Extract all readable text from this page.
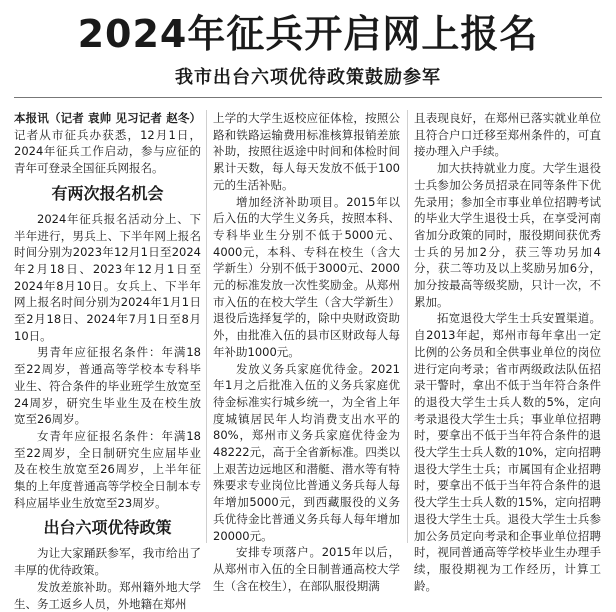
2024年征兵开启网上报名
我市出台六项优待政策鼓励参军

本报讯（记者 袁帅 见习记者 赵冬）记者从市征兵办获悉，12月1日，2024年征兵工作启动，参与应征的青年可登录全国征兵网报名。

有两次报名机会

2024年征兵报名活动分上、下半年进行，男兵上、下半年网上报名时间分别为2023年12月1日至2024年2月18日、2023年12月1日至2024年8月10日。女兵上、下半年网上报名时间分别为2024年1月1日至2月18日、2024年7月1日至8月10日。

男青年应征报名条件：年满18至22周岁，普通高等学校本专科毕业生、符合条件的毕业班学生放宽至24周岁，研究生毕业生及在校生放宽至26周岁。

女青年应征报名条件：年满18至22周岁，全日制研究生应届毕业及在校生放宽至26周岁，上半年征集的上年度普通高等学校全日制本专科应届毕业生放宽至23周岁。

出台六项优待政策

为让大家踊跃参军，我市给出了丰厚的优待政策。

发放差旅补助。郑州籍外地大学生、务工返乡人员，外地籍在郑州

上学的大学生返校应征体检，按照公路和铁路运输费用标准核算报销差旅补助，按照往返途中时间和体检时间累计天数，每人每天发放不低于100元的生活补贴。

增加经济补助项目。2015年以后入伍的大学生义务兵，按照本科、专科毕业生分别不低于5000元、4000元，本科、专科在校生（含大学新生）分别不低于3000元、2000元的标准发放一次性奖励金。从郑州市入伍的在校大学生（含大学新生）退役后选择复学的，除中央财政资助外，由批准入伍的县市区财政每人每年补助1000元。

发放义务兵家庭优待金。2021年1月之后批准入伍的义务兵家庭优待金标准实行城乡统一，为全省上年度城镇居民年人均消费支出水平的80%，郑州市义务兵家庭优待金为48222元，高于全省新标准。四类以上艰苦边远地区和潜艇、潜水等有特殊要求专业岗位比普通义务兵每人每年增加5000元，到西藏服役的义务兵优待金比普通义务兵每人每年增加20000元。

安排专项落户。2015年以后，从郑州市入伍的全日制普通高校大学生（含在校生），在部队服役期满

且表现良好，在郑州已落实就业单位且符合户口迁移至郑州条件的，可直接办理入户手续。

加大扶持就业力度。大学生退役士兵参加公务员招录在同等条件下优先录用；参加全市事业单位招聘考试的毕业大学生退役士兵，在享受河南省加分政策的同时，服役期间获优秀士兵的另加2分，获三等功另加4分，获二等功及以上奖励另加6分，加分按最高等级奖励，只计一次，不累加。

拓宽退役大学生士兵安置渠道。自2013年起，郑州市每年拿出一定比例的公务员和全供事业单位的岗位进行定向考录；省市两级政法队伍招录干警时，拿出不低于当年符合条件的退役大学生士兵人数的5%，定向考录退役大学生士兵；事业单位招聘时，要拿出不低于当年符合条件的退役大学生士兵人数的10%，定向招聘退役大学生士兵；市属国有企业招聘时，要拿出不低于当年符合条件的退役大学生士兵人数的15%，定向招聘退役大学生士兵。退役大学生士兵参加公务员定向考录和企事业单位招聘时，视同普通高等学校毕业生办理手续，服役期视为工作经历，计算工龄。
